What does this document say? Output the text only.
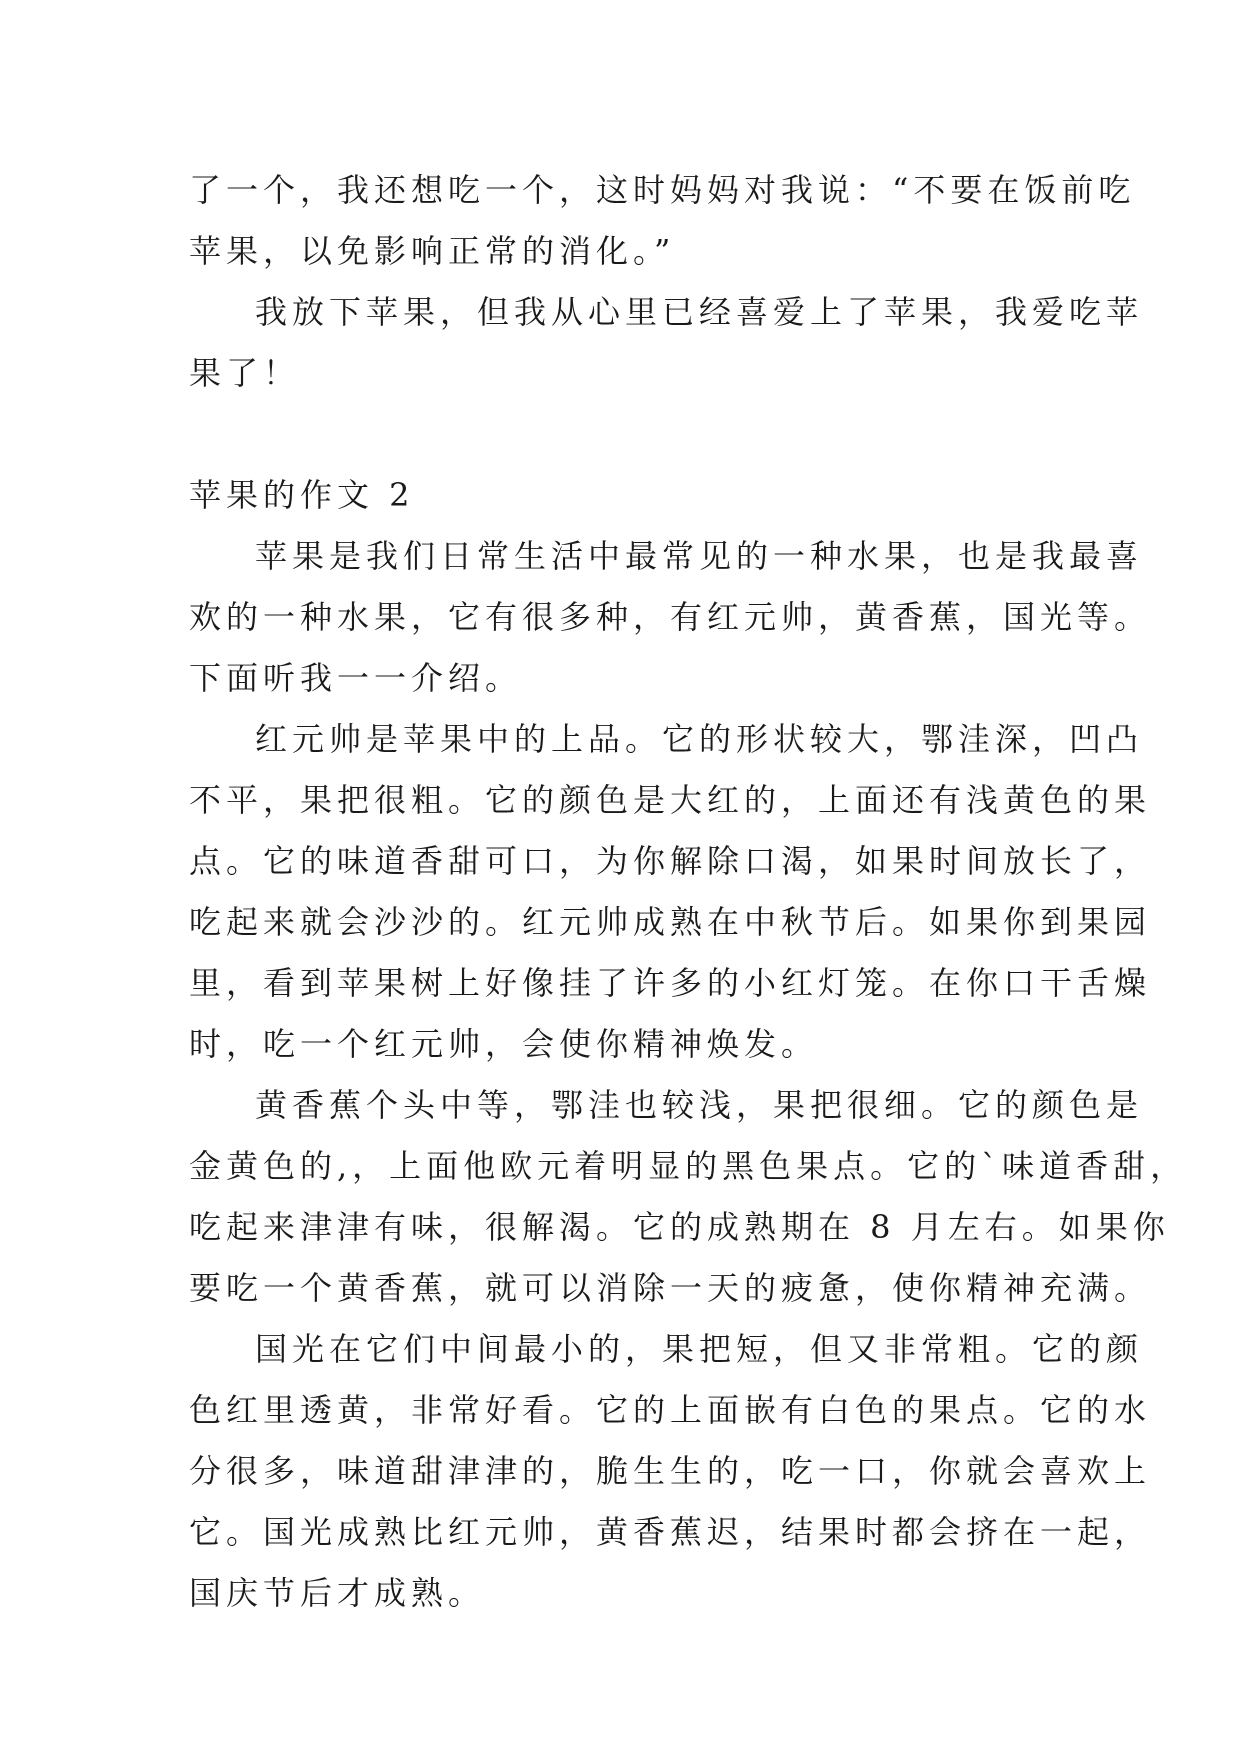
了一个，我还想吃一个，这时妈妈对我说：“不要在饭前吃
苹果，以免影响正常的消化。”
我放下苹果，但我从心里已经喜爱上了苹果，我爱吃苹
果了！
苹果的作文 2
苹果是我们日常生活中最常见的一种水果，也是我最喜
欢的一种水果，它有很多种，有红元帅，黄香蕉，国光等。
下面听我一一介绍。
红元帅是苹果中的上品。它的形状较大，鄂洼深，凹凸
不平，果把很粗。它的颜色是大红的，上面还有浅黄色的果
点。它的味道香甜可口，为你解除口渴，如果时间放长了，
吃起来就会沙沙的。红元帅成熟在中秋节后。如果你到果园
里，看到苹果树上好像挂了许多的小红灯笼。在你口干舌燥
时，吃一个红元帅，会使你精神焕发。
黄香蕉个头中等，鄂洼也较浅，果把很细。它的颜色是
金黄色的,，上面他欧元着明显的黑色果点。它的`味道香甜，
吃起来津津有味，很解渴。它的成熟期在 8 月左右。如果你
要吃一个黄香蕉，就可以消除一天的疲惫，使你精神充满。
国光在它们中间最小的，果把短，但又非常粗。它的颜
色红里透黄，非常好看。它的上面嵌有白色的果点。它的水
分很多，味道甜津津的，脆生生的，吃一口，你就会喜欢上
它。国光成熟比红元帅，黄香蕉迟，结果时都会挤在一起，
国庆节后才成熟。
